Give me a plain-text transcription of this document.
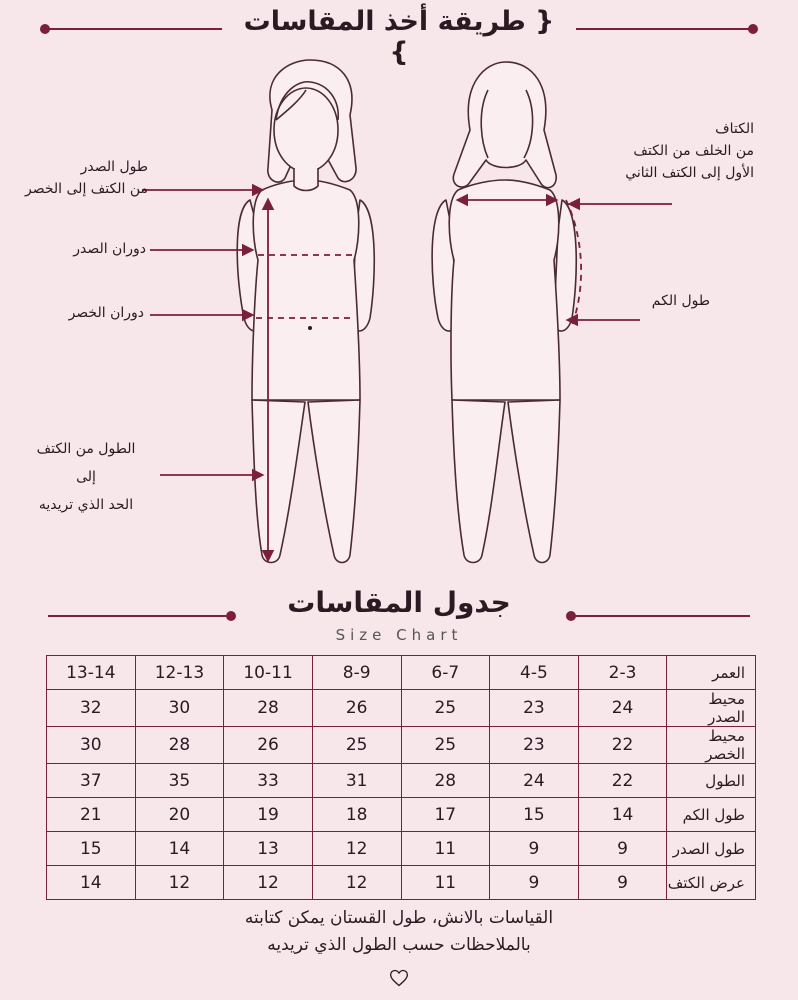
{ طريقة أخذ المقاسات }
طول الصدر
من الكتف إلى الخصر
دوران الصدر
دوران الخصر
الطول من الكتف
إلى
الحد الذي تريديه
الكتاف
من الخلف من الكتف
الأول إلى الكتف الثاني
طول الكم
جدول المقاسات
Size Chart
13-14	12-13	10-11	8-9	6-7	4-5	2-3	العمر
32	30	28	26	25	23	24	محيط الصدر
30	28	26	25	25	23	22	محيط الخصر
37	35	33	31	28	24	22	الطول
21	20	19	18	17	15	14	طول الكم
15	14	13	12	11	9	9	طول الصدر
14	12	12	12	11	9	9	عرض الكتف
القياسات بالانش، طول القستان يمكن كتابته
بالملاحظات حسب الطول الذي تريديه
